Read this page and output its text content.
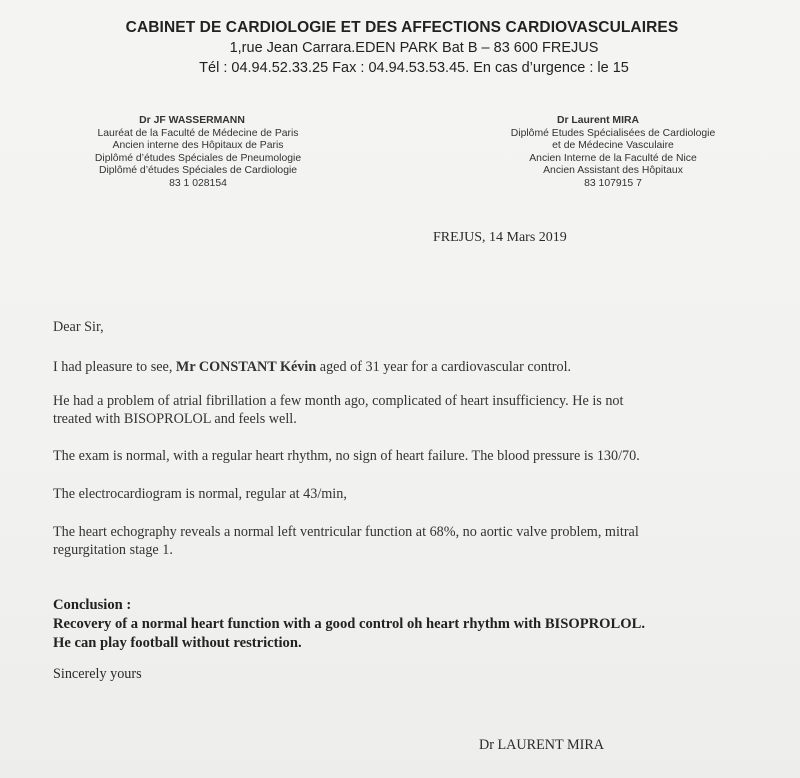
CABINET DE CARDIOLOGIE ET DES AFFECTIONS CARDIOVASCULAIRES
1,rue Jean Carrara.EDEN PARK Bat B – 83 600 FREJUS
Tél : 04.94.52.33.25 Fax : 04.94.53.53.45. En cas d’urgence : le 15
Dr JF WASSERMANN
Lauréat de la Faculté de Médecine de Paris
Ancien interne des Hôpitaux de Paris
Diplômé d’études Spéciales de Pneumologie
Diplômé d’études Spéciales de Cardiologie
83 1 028154
Dr Laurent MIRA
Diplômé Etudes Spécialisées de Cardiologie
et de Médecine Vasculaire
Ancien Interne de la Faculté de Nice
Ancien Assistant des Hôpitaux
83 107915 7
FREJUS, 14 Mars 2019
Dear Sir,
I had pleasure to see, Mr CONSTANT Kévin aged of 31 year for a cardiovascular control.
He had a problem of atrial fibrillation a few month ago, complicated of heart insufficiency. He is not
treated with BISOPROLOL and feels well.
The exam is normal, with a regular heart rhythm, no sign of heart failure. The blood pressure is 130/70.
The electrocardiogram is normal, regular at 43/min,
The heart echography reveals a normal left ventricular function at 68%, no aortic valve problem, mitral
regurgitation stage 1.
Conclusion :
Recovery of a normal heart function with a good control oh heart rhythm with BISOPROLOL.
He can play football without restriction.
Sincerely yours
Dr LAURENT MIRA
